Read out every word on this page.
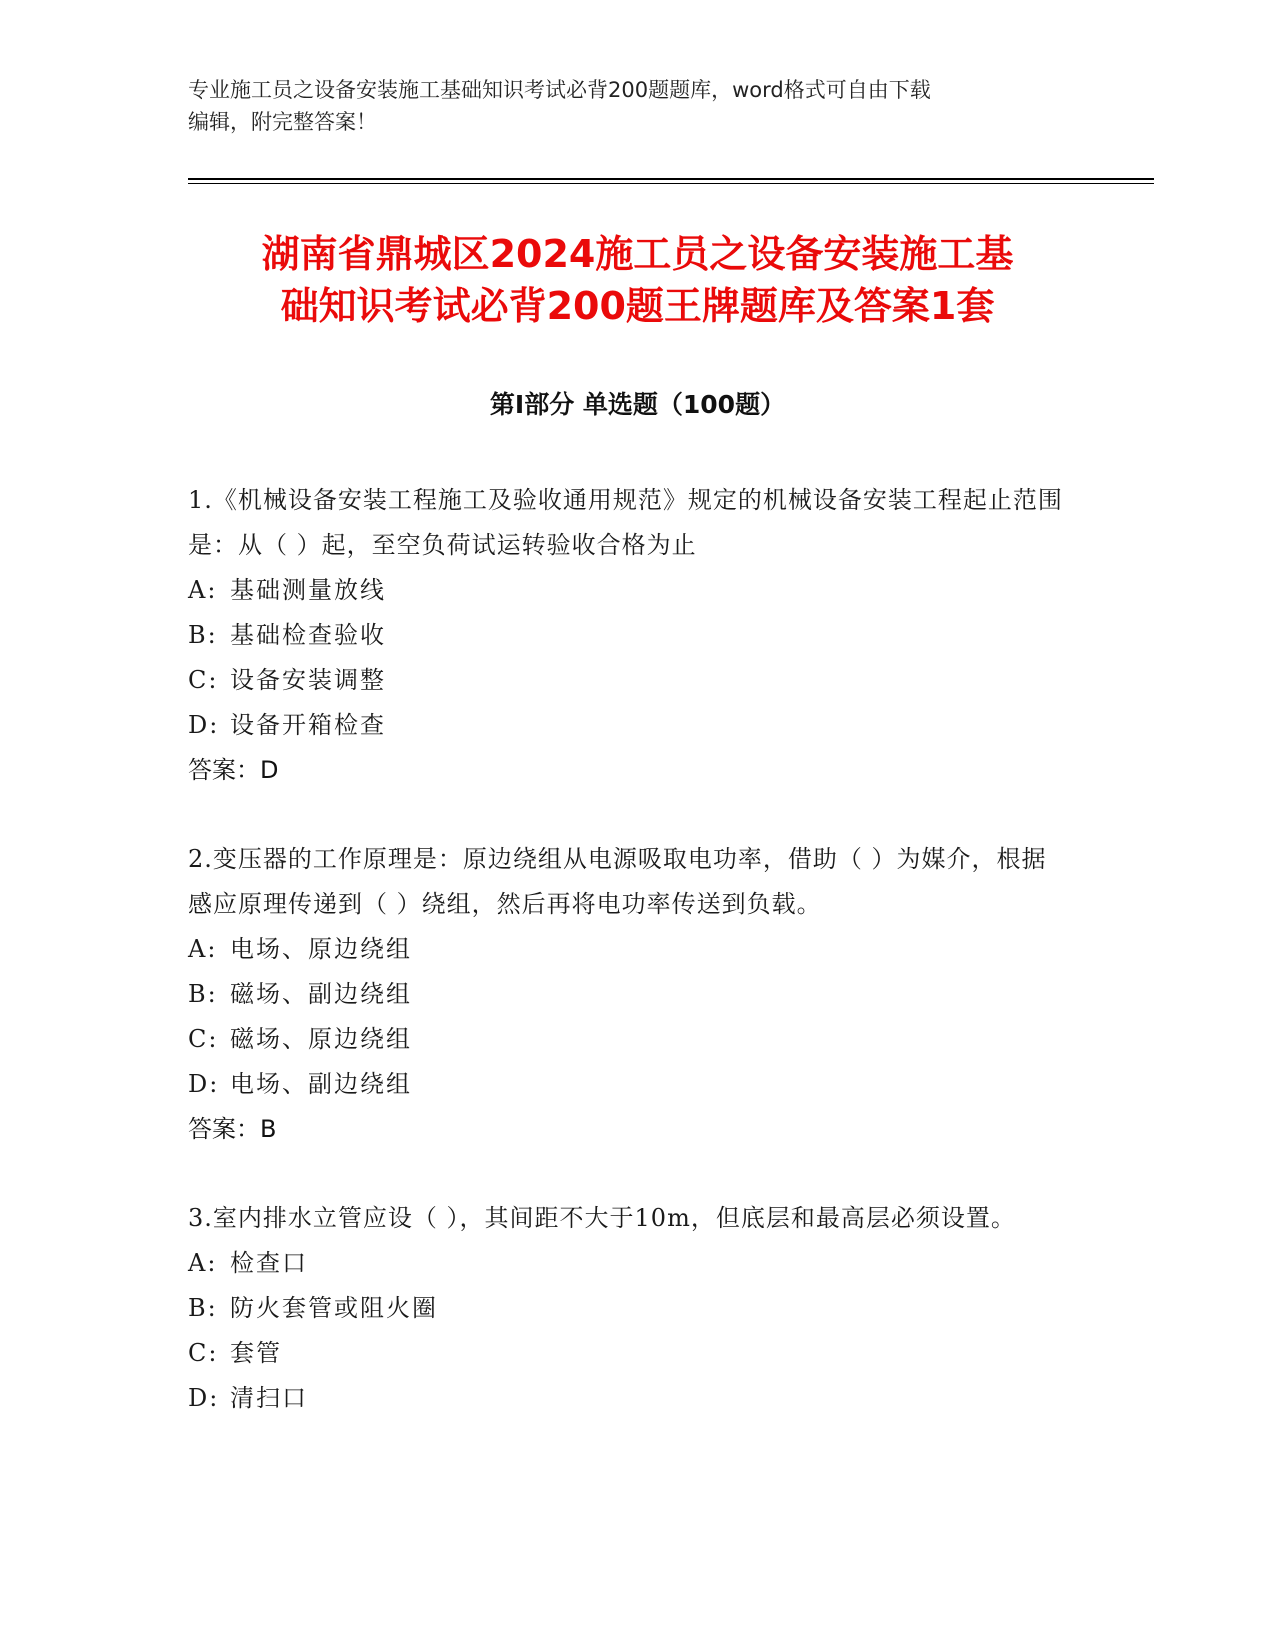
专业施工员之设备安装施工基础知识考试必背200题题库，word格式可自由下载
编辑，附完整答案！
湖南省鼎城区2024施工员之设备安装施工基
础知识考试必背200题王牌题库及答案1套
第Ⅰ部分 单选题（100题）
1.《机械设备安装工程施工及验收通用规范》规定的机械设备安装工程起止范围是：从（ ）起，至空负荷试运转验收合格为止
A: 基础测量放线
B: 基础检查验收
C: 设备安装调整
D: 设备开箱检查
答案：D
2.变压器的工作原理是：原边绕组从电源吸取电功率，借助（ ）为媒介，根据感应原理传递到（ ）绕组，然后再将电功率传送到负载。
A: 电场、原边绕组
B: 磁场、副边绕组
C: 磁场、原边绕组
D: 电场、副边绕组
答案：B
3.室内排水立管应设（ ），其间距不大于10m，但底层和最高层必须设置。
A: 检查口
B: 防火套管或阻火圈
C: 套管
D: 清扫口
